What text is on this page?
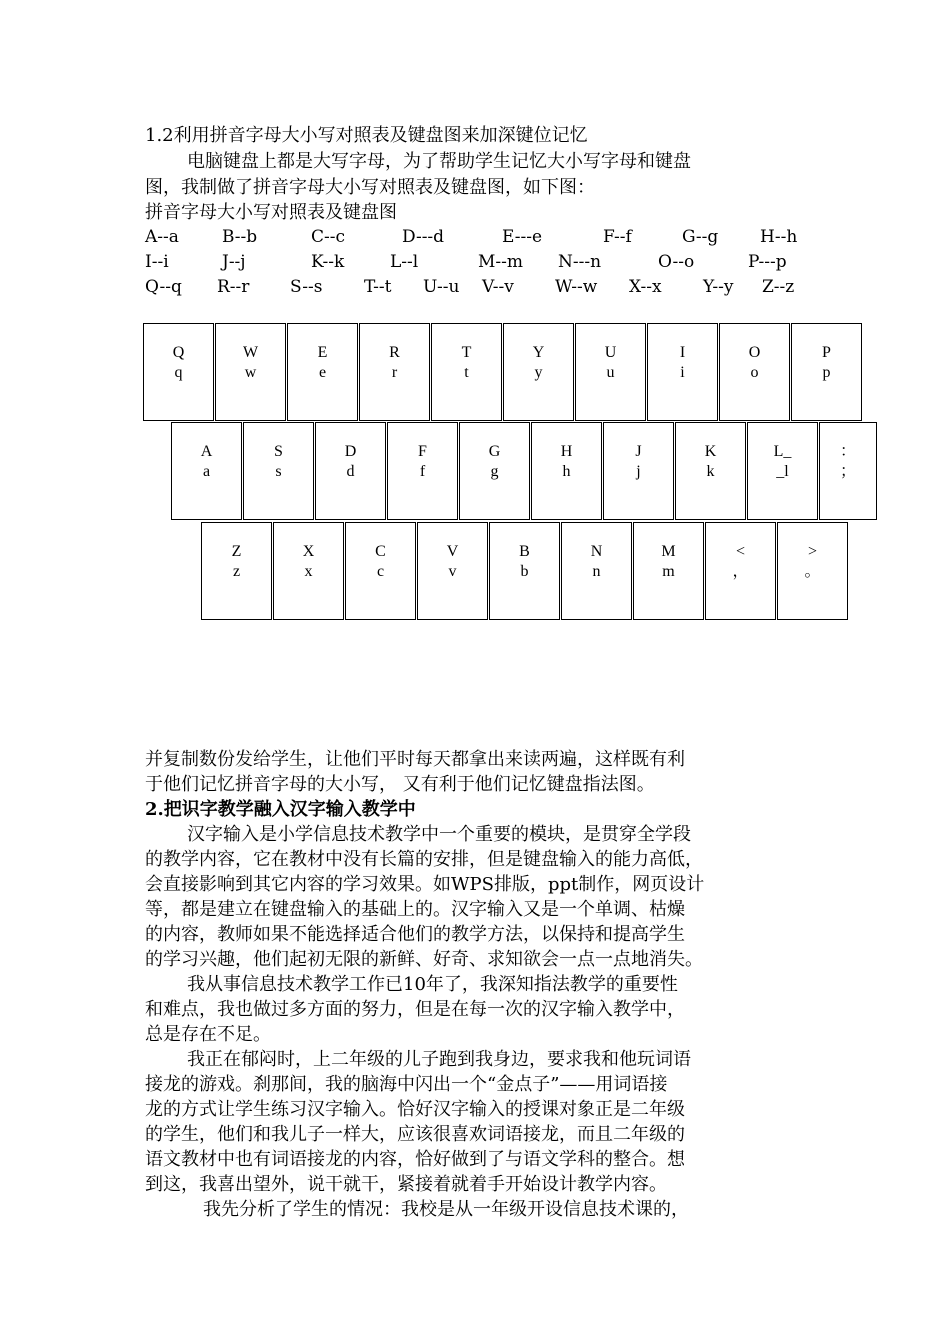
1.2利用拼音字母大小写对照表及键盘图来加深键位记忆
电脑键盘上都是大写字母，为了帮助学生记忆大小写字母和键盘
图，我制做了拼音字母大小写对照表及键盘图，如下图：
拼音字母大小写对照表及键盘图
A--a	B--b	C--c	D---d	E---e	F--f	G--g H--h
I--i	J--j	K--k	L--l	M--m N---n	O--o	P---p
Q--q R--r S--s T--t U--u V--v W--w X--x Y--y Z--z
Q
q
W
w
E
e
R
r
T
t
Y
y
U
u
I
i
O
o
P
p
A
a
S
s
D
d
F
f
G
g
H
h
J
j
K
k
L_
_l
：
；
Z
z
X
x
C
c
V
v
B
b
N
n
M
m
<
，
>
。
并复制数份发给学生，让他们平时每天都拿出来读两遍，这样既有利
于他们记忆拼音字母的大小写， 又有利于他们记忆键盘指法图。
2.把识字教学融入汉字输入教学中
汉字输入是小学信息技术教学中一个重要的模块，是贯穿全学段
的教学内容，它在教材中没有长篇的安排，但是键盘输入的能力高低，
会直接影响到其它内容的学习效果。如WPS排版，ppt制作，网页设计
等，都是建立在键盘输入的基础上的。汉字输入又是一个单调、枯燥
的内容，教师如果不能选择适合他们的教学方法，以保持和提高学生
的学习兴趣，他们起初无限的新鲜、好奇、求知欲会一点一点地消失。
我从事信息技术教学工作已10年了，我深知指法教学的重要性
和难点，我也做过多方面的努力，但是在每一次的汉字输入教学中，
总是存在不足。
我正在郁闷时，上二年级的儿子跑到我身边，要求我和他玩词语
接龙的游戏。刹那间，我的脑海中闪出一个“金点子”——用词语接
龙的方式让学生练习汉字输入。恰好汉字输入的授课对象正是二年级
的学生，他们和我儿子一样大，应该很喜欢词语接龙，而且二年级的
语文教材中也有词语接龙的内容，恰好做到了与语文学科的整合。想
到这，我喜出望外，说干就干，紧接着就着手开始设计教学内容。
我先分析了学生的情况：我校是从一年级开设信息技术课的，
